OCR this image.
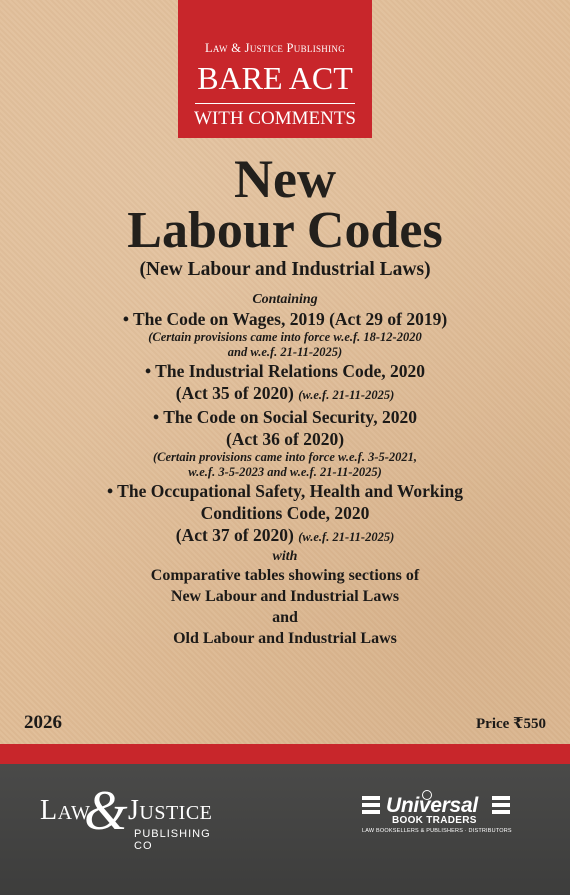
Law & Justice Publishing
BARE ACT
WITH COMMENTS
New
Labour Codes
(New Labour and Industrial Laws)
Containing
• The Code on Wages, 2019 (Act 29 of 2019)
(Certain provisions came into force w.e.f. 18-12-2020
and w.e.f. 21-11-2025)
• The Industrial Relations Code, 2020
(Act 35 of 2020) (w.e.f. 21-11-2025)
• The Code on Social Security, 2020
(Act 36 of 2020)
(Certain provisions came into force w.e.f. 3-5-2021,
w.e.f. 3-5-2023 and w.e.f. 21-11-2025)
• The Occupational Safety, Health and Working
Conditions Code, 2020
(Act 37 of 2020) (w.e.f. 21-11-2025)
with
Comparative tables showing sections of
New Labour and Industrial Laws
and
Old Labour and Industrial Laws
2026	Price ₹550
Law
& Justice
PUBLISHING CO
Universal
BOOK TRADERS
LAW BOOKSELLERS & PUBLISHERS · DISTRIBUTORS
